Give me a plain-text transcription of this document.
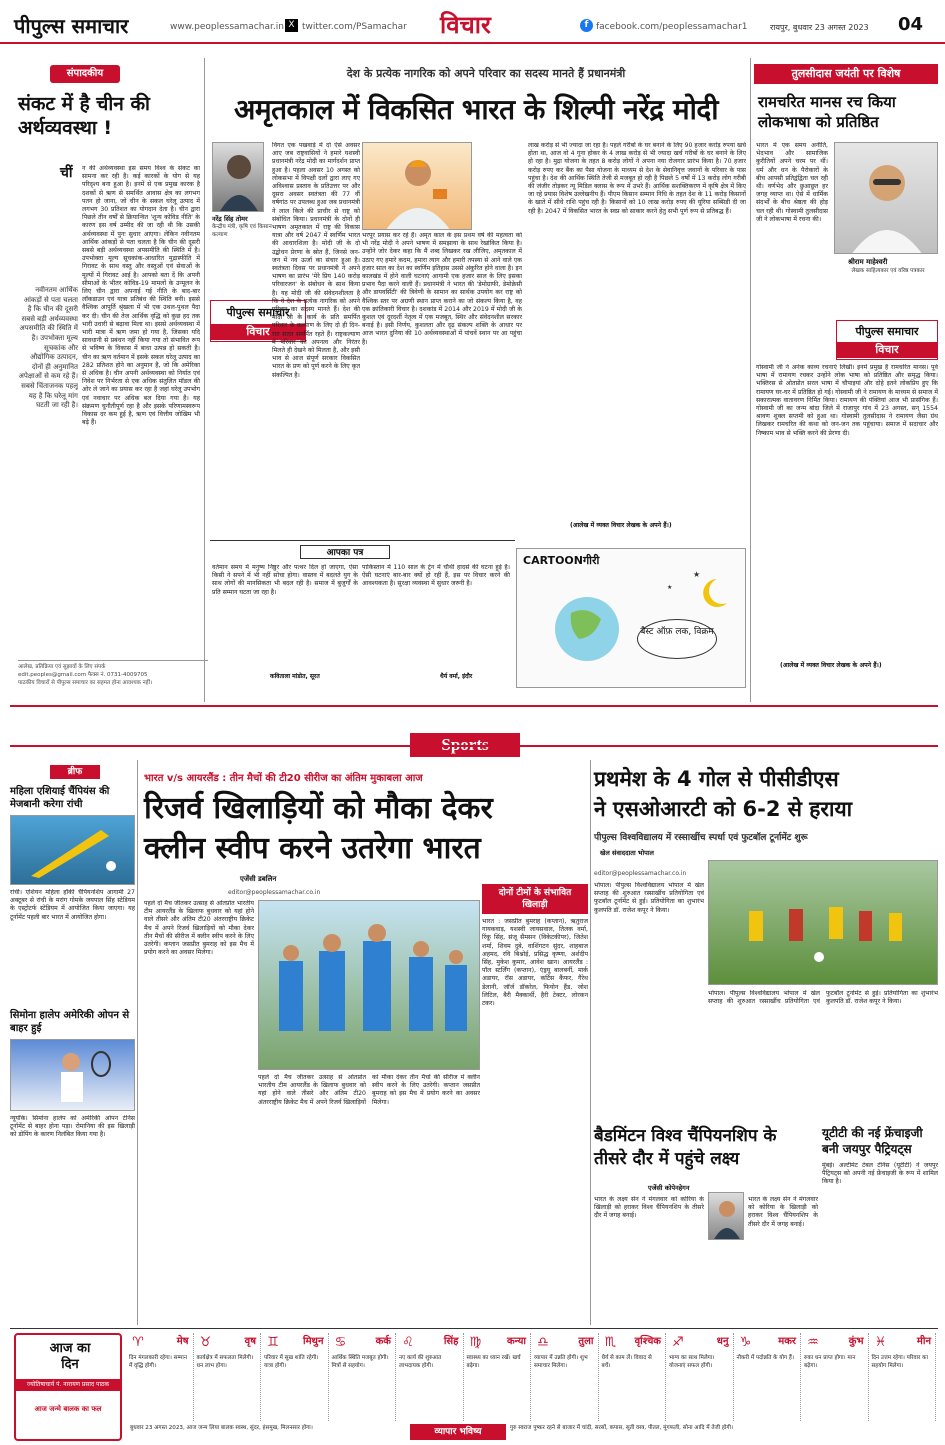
पीपुल्स समाचार	www.peoplessamachar.in X twitter.com/PSamachar विचार	f facebook.com/peoplessamachar1	रायपुर, बुधवार 23 अगस्त 2023 04
संपादकीय
संकट में है चीन की अर्थव्यवस्था !
चीं न की अर्थव्यवस्था इस समय विश्व के संकट का सामना कर रही है। कई कारकों के योग से यह परिदृश्य बना हुआ है। इनमें से एक प्रमुख कारक है दशकों से ऋण से समर्थित आवास क्षेत्र का लगभग पतन हो जाना, जो चीन के सकल घरेलू उत्पाद में लगभग 30 प्रतिशत का योगदान देता है। चीन द्वारा पिछले तीन वर्षों से क्रियान्वित 'शून्य कोविड नीति' के कारण इस वर्ष उम्मीद की जा रही थी कि उसकी अर्थव्यवस्था में पुनः सुधार आएगा। लेकिन नवीनतम आर्थिक आंकड़ों से पता चलता है कि चीन की दूसरी सबसे बड़ी अर्थव्यवस्था अपसमीति की स्थिति में है। उपभोक्ता मूल्य सूचकांक-आधारित मुद्रास्फीति में गिरावट के साथ वस्तु और वस्तुओं एवं सेवाओं के मूल्यों में गिरावट आई है। आपको बता दें कि अपनी सीमाओं के भीतर कोविड-19 मामलों के उन्मूलन के लिए चीन द्वारा अपनाई गई नीति के बाद-बार लॉकडाउन एवं यात्रा प्रतिबंध की स्थिति बनी। इससे वैश्विक आपूर्ति श्रृंखला में भी एक उथल-पुथल पैदा कर दी। चीन की तेज आर्थिक वृद्धि को कुछ हद तक भारी उधारी से बढ़ावा मिला था। इससे अर्थव्यवस्था में भारी मात्रा में ऋण जमा हो गया है, जिसका यदि सावधानी से प्रबंधन नहीं किया गया तो संभावित रूप से भविष्य के विकास में बाधा उत्पन्न हो सकती है। चीन का ऋण वर्तमान में इसके सकल घरेलू उत्पाद का 282 प्रतिशत होने का अनुमान है, जो कि अमेरिका से अधिक है। चीन अपनी अर्थव्यवस्था को निर्यात एवं निवेश पर निर्भरता से एक अधिक संतुलित मॉडल की ओर ले जाने का प्रयास कर रहा है जहां घरेलू उपभोग एवं नवाचार पर अधिक बल दिया गया है। यह संक्रमण चुनौतीपूर्ण रहा है और इसके परिणामस्वरूप विकास दर कम हुई है, ऋण एवं वित्तीय जोखिम भी बढ़े हैं।
नवीनतम आर्थिक आंकड़ों से पता चलता है कि चीन की दूसरी सबसे बड़ी अर्थव्यवस्था अपसमीति की स्थिति में है। उपभोक्ता मूल्य सूचकांक और औद्योगिक उत्पादन, दोनों ही अनुमानित अपेक्षाओं से कम रहे हैं। सबसे चिंताजनक पहलू यह है कि घरेलू मांग घटती जा रही है।
आलेख, प्रतिक्रिया एवं सुझावों के लिए संपर्क
edit.peoples@gmail.com फैक्स नं. 0731-4009705
पाठकीय विचारों से पीपुल्स समाचार का सहमत होना आवश्यक नहीं।
देश के प्रत्येक नागरिक को अपने परिवार का सदस्य मानते हैं प्रधानमंत्री
अमृतकाल में विकसित भारत के शिल्पी नरेंद्र मोदी
नरेंद्र सिंह तोमर
केन्द्रीय मंत्री, कृषि एवं किसान कल्याण
पीपुल्स समाचार
विचार
विगत एक पखवाड़े में दो ऐसे अवसर आए जब राष्ट्रवासियों ने हमारे यशस्वी प्रधानमंत्री नरेंद्र मोदी का मार्गदर्शन प्राप्त हुआ है। पहला अवसर 10 अगस्त को लोकसभा में विपक्षी दलों द्वारा लाए गए अविश्वास प्रस्ताव के प्रतिउत्तर पर और दूसरा अवसर स्वतंत्रता की 77 वीं वर्षगांठ पर उपलब्ध हुआ जब प्रधानमंत्री ने लाल किले की प्राचीर से राष्ट्र को संबोधित किया। प्रधानमंत्री के दोनों ही भाषण अमृतकाल में राष्ट्र की विकास यात्रा और वर्ष 2047 में स्वर्णिम भारत की आधारशिला है। मोदी जी के दो उद्बोधन प्रेरणा के स्रोत हैं, जिनसे जन-जन में नव ऊर्जा का संचार हुआ है। स्वतंत्रता दिवस पर प्रधानमंत्री ने अपने भाषण का प्रारंभ 'मेरे प्रिय 140 करोड़ परिवारजन' के संबोधन के साथ किया है। यह मोदी जी की संवेदनशीलता है कि वे देश के प्रत्येक नागरिक को अपने परिवार का सदस्य मानते हैं। देश की मोदी जी के कार्य के प्रति समर्पित परिवार के कल्याण के लिए दो ही दिन-रात सतत समर्पित रहते हैं। राष्ट्रकल्याण में परिवार का अपनत्व और निरंतर मिलते ही देखने को मिलता है, और इसी भाव से आज संपूर्ण सरकार विकसित भारत के प्रण को पूर्ण करने के लिए कृत संकल्पित है।
भरपूर प्रयास कर रहे हैं। अमृत काल के इस प्रथम वर्ष की महत्वता को भी नरेंद्र मोदी ने अपने भाषण में समझाया के साथ रेखांकित किया है। उन्होंने जोर देकर कहा कि मैं शब्द लिखकर रख लीजिए, अमृतकाल में उठाए गए हमारे कदम, हमारा त्याग और हमारी तपस्या से आने वाले एक हजार साल का देश का स्वर्णिम इतिहास उससे अंकुरित होने वाला है। इन कालखंड में होने वाली घटनाएं आगामी एक हजार साल के लिए इसका प्रभाव पैदा करने वाली हैं। प्रधानमंत्री ने भारत की 'डेमोग्राफी, डेमोक्रेसी और डायवर्सिटी' की त्रिवेणी के सामान का सार्थक उपयोग कर राष्ट्र को वैश्विक स्तर पर अग्रणी स्थान प्राप्त कराने का जो संकल्प किया है, वह एक क्रांतिकारी विचार है। दशकांड में 2014 और 2019 में मोदी जी के कुशल एवं दूरदर्शी नेतृत्व में एक मजबूत, स्थिर और संवेदनशील सरकार बनाई है। इसी निर्णय, कुशलता और दृढ़ संकल्प शक्ति के आधार पर आज भारत दुनिया की 10 अर्थव्यवस्थाओं में पांचवें स्थान पर आ पहुंचा है।
लाख करोड़ से भी ज्यादा जा रहा है। पहले गरीबों के घर बनाने के लिए 90 हजार करोड़ रुपया खर्च होता था, आज वो 4 गुना होकर के 4 लाख करोड़ से भी ज्यादा खर्च गरीबों के घर बनाने के लिए हो रहा है। मुद्रा योजना के तहत 8 करोड़ लोगों ने अपना नया रोजगार प्रारंभ किया है। 70 हजार करोड़ रुपए कर बैंक का पैसा योजना के माध्यम से देश के सेवानिवृत्त जवानों के परिवार के पास पहुंचा है। देश की आर्थिक स्थिति तेजी से मजबूत हो रही है पिछले 5 वर्षों में 13 करोड़ लोग गरीबी की जंजीर तोड़कर न्यू मिडिल क्लास के रूप में उभरे हैं। आर्थिक सशक्तिकरण में कृषि क्षेत्र में किए जा रहे प्रयास विशेष उल्लेखनीय हैं। पीएम किसान सम्मान निधि के तहत देश के 11 करोड़ किसानों के खाते में सीधे राशि पहुंच रही है। किसानों को 10 लाख करोड़ रुपए की यूरिया सब्सिडी दी जा रही है। 2047 में विकसित भारत के स्वप्न को साकार करने हेतु सभी पूर्ण रूप से प्रतिबद्ध हैं।
(आलेख में व्यक्त विचार लेखक के अपने हैं।)
तुलसीदास जयंती पर विशेष
रामचरित मानस रच किया लोकभाषा को प्रतिष्ठित
भारत में एक समय अनीति, भेदभाव और सामाजिक कुरीतियों अपने चरम पर थीं। धर्म और धन के पैरोकारों के बीच आपसी प्रतिद्वंद्विता चल रही थी। वर्णभेद और छुआछूत हर जगह व्याप्त था। ऐसे में धार्मिक संदर्भों के बीच श्रेष्ठता की होड़ चल रही थी। गोस्वामी तुलसीदास जी ने लोकभाषा में रचना की।
श्रीराम माहेश्वरी
लेखक साहित्यकार एवं वरिष्ठ पत्रकार
पीपुल्स समाचार
विचार
गोस्वामी जी ने अनेक काव्य रचनाएं लिखीं। इनमें प्रमुख है रामचरित मानस। पूर्व भाषा में रामायण रचकर उन्होंने लोक भाषा को प्रतिष्ठित और समृद्ध किया। भक्तिरस से ओतप्रोत सरल भाषा में चौपाइयां और दोहे इतने लोकप्रिय हुए कि रामायण घर-घर में प्रतिष्ठित हो गई। गोस्वामी जी ने रामायण के माध्यम से समाज में सकारात्मक वातावरण निर्मित किया। रामायण की पंक्तियां आज भी प्रासंगिक हैं। गोस्वामी जी का जन्म बांदा जिले में राजापुर गांव में 23 अगस्त, सन् 1554 श्रावण शुक्ल सप्तमी को हुआ था। गोस्वामी तुलसीदास ने रामायण जैसा ग्रंथ लिखकर रामचरित की कथा को जन-जन तक पहुंचाया। समाज में सदाचार और निष्काम भाव से भक्ति करने की प्रेरणा दी।
(आलेख में व्यक्त विचार लेखक के अपने हैं।)
आपका पत्र
वर्तमान समय में मनुष्य निष्ठुर और पत्थर दिल हो जाएगा, ऐसा किसी ने सपने में भी नहीं सोचा होगा। वास्तव में बदलते युग के साथ लोगों की मानसिकता भी बदल रही है। समाज में बुजुर्गों के प्रति सम्मान घटता जा रहा है।
कविताला मांडोत, सूरत
पाकिस्तान में 110 साल के ट्रेन में चौथी हादसे की घटना हुई है। ऐसी घटनाएं बार-बार क्यों हो रही हैं, इस पर विचार करने की आवश्यकता है। सुरक्षा व्यवस्था में सुधार जरूरी है।
धैर्य वर्मा, इंदौर
CARTOONगीरी
★
★
बैस्ट ऑफ़ लक, विक्रम
ब्रीफ
महिला एशियाई चैंपियंस की मेजबानी करेगा रांची
रांची। एशियन महिला हॉकी चैंपियनशिप आगामी 27 अक्टूबर से रांची के मरांग गोमके जयपाल सिंह स्टेडियम के एस्ट्रोटर्फ स्टेडियम में आयोजित किया जाएगा। यह टूर्नामेंट पहली बार भारत में आयोजित होगा।
सिमोना हालेप अमेरिकी ओपन से बाहर हुई
न्यूयॉर्क। सिमोना हालेप को अमेरिकी ओपन टेनिस टूर्नामेंट से बाहर होना पड़ा। रोमानिया की इस खिलाड़ी को डोपिंग के कारण निलंबित किया गया है।
भारत v/s आयरलैंड : तीन मैचों की टी20 सीरीज का अंतिम मुकाबला आज
रिजर्व खिलाड़ियों को मौका देकर
क्लीन स्वीप करने उतरेगा भारत
एजेंसी डबलिन
editor@peoplessamachar.co.in
पहले दो मैच जीतकर उत्साह से ओतप्रोत भारतीय टीम आयरलैंड के खिलाफ बुधवार को यहां होने वाले तीसरे और अंतिम टी20 अंतरराष्ट्रीय क्रिकेट मैच में अपने रिजर्व खिलाड़ियों को मौका देकर तीन मैचों की सीरीज में क्लीन स्वीप करने के लिए उतरेगी। कप्तान जसप्रीत बुमराह को इस मैच में प्रयोग करने का अवसर मिलेगा।
पहले दो मैच जीतकर उत्साह से ओतप्रोत भारतीय टीम आयरलैंड के खिलाफ बुधवार को यहां होने वाले तीसरे और अंतिम टी20 अंतरराष्ट्रीय क्रिकेट मैच में अपने रिजर्व खिलाड़ियों को मौका देकर तीन मैचों की सीरीज में क्लीन स्वीप करने के लिए उतरेगी। कप्तान जसप्रीत बुमराह को इस मैच में प्रयोग करने का अवसर मिलेगा।
दोनों टीमों के संभावित खिलाड़ी
भारत : जसप्रीत बुमराह (कप्तान), ऋतुराज गायकवाड़, यशस्वी जायसवाल, तिलक वर्मा, रिंकू सिंह, संजू सैमसन (विकेटकीपर), जितेश शर्मा, शिवम दुबे, वाशिंगटन सुंदर, शाहबाज अहमद, रवि बिश्नोई, प्रसिद्ध कृष्णा, अर्शदीप सिंह, मुकेश कुमार, आवेश खान। आयरलैंड : पॉल स्टर्लिंग (कप्तान), एंड्रयू बालबर्नी, मार्क अडायर, रॉस अडायर, कर्टिस कैंफर, गैरेथ डेलानी, जॉर्ज डॉकरेल, फियोन हैंड, जोश लिटिल, बैरी मैक्कार्थी, हैरी टेक्टर, लोरकन टकर।
प्रथमेश के 4 गोल से पीसीडीएस
ने एसओआरटी को 6-2 से हराया
पीपुल्स विश्वविद्यालय में रस्साखींच स्पर्धा एवं फुटबॉल टूर्नामेंट शुरू
खेल संवाददाता भोपाल
editor@peoplessamachar.co.in
भोपाल। पीपुल्स विश्वविद्यालय भोपाल में खेल सप्ताह की शुरुआत रस्साखींच प्रतियोगिता एवं फुटबॉल टूर्नामेंट से हुई। प्रतियोगिता का शुभारंभ कुलपति डॉ. राजेश कपूर ने किया।
भोपाल। पीपुल्स विश्वविद्यालय भोपाल में खेल सप्ताह की शुरुआत रस्साखींच प्रतियोगिता एवं फुटबॉल टूर्नामेंट से हुई। प्रतियोगिता का शुभारंभ कुलपति डॉ. राजेश कपूर ने किया।
बैडमिंटन विश्व चैंपियनशिप के तीसरे दौर में पहुंचे लक्ष्य
एजेंसी कोपेनहेगन
भारत के लक्ष्य सेन ने मंगलवार को कोरिया के खिलाड़ी को हराकर विश्व चैंपियनशिप के तीसरे दौर में जगह बनाई।
भारत के लक्ष्य सेन ने मंगलवार को कोरिया के खिलाड़ी को हराकर विश्व चैंपियनशिप के तीसरे दौर में जगह बनाई।
यूटीटी की नई फ्रेंचाइजी बनी जयपुर पैट्रियट्स
मुंबई। अल्टीमेट टेबल टेनिस (यूटीटी) ने जयपुर पैट्रियट्स को अपनी नई फ्रेंचाइजी के रूप में शामिल किया है।
आज का दिन
ज्योतिषाचार्य पं. नारायण प्रसाद पाठक
आज जन्मे बालक का फल
♈	मेष
दिन मंगलकारी रहेगा। सम्मान में वृद्धि होगी।
♉	वृष
कार्यक्षेत्र में सफलता मिलेगी। धन लाभ होगा।
♊	मिथुन
परिवार में सुख शांति रहेगी। यात्रा होगी।
♋	कर्क
आर्थिक स्थिति मजबूत होगी। मित्रों से सहयोग।
♌	सिंह
नए कार्य की शुरुआत लाभदायक होगी।
♍	कन्या
स्वास्थ्य का ध्यान रखें। खर्च बढ़ेगा।
♎	तुला
व्यापार में उन्नति होगी। शुभ समाचार मिलेगा।
♏	वृश्चिक
धैर्य से काम लें। विवाद से बचें।
♐	धनु
भाग्य का साथ मिलेगा। योजनाएं सफल होंगी।
♑	मकर
नौकरी में पदोन्नति के योग हैं।
♒	कुंभ
रुका धन प्राप्त होगा। मान बढ़ेगा।
♓	मीन
दिन उत्तम रहेगा। परिवार का सहयोग मिलेगा।
बुधवार 23 अगस्त 2023, आज जन्म लिया बालक स्वस्थ, सुंदर, हंसमुख, मिलनसार होगा।	व्यापार भविष्य	गुरु स्वराज पुष्कर रहने से बाजार में चांदी, सरसों, कपास, सूती वस्त्र, पीतल, मूंगफली, सोना आदि में तेजी होगी।
